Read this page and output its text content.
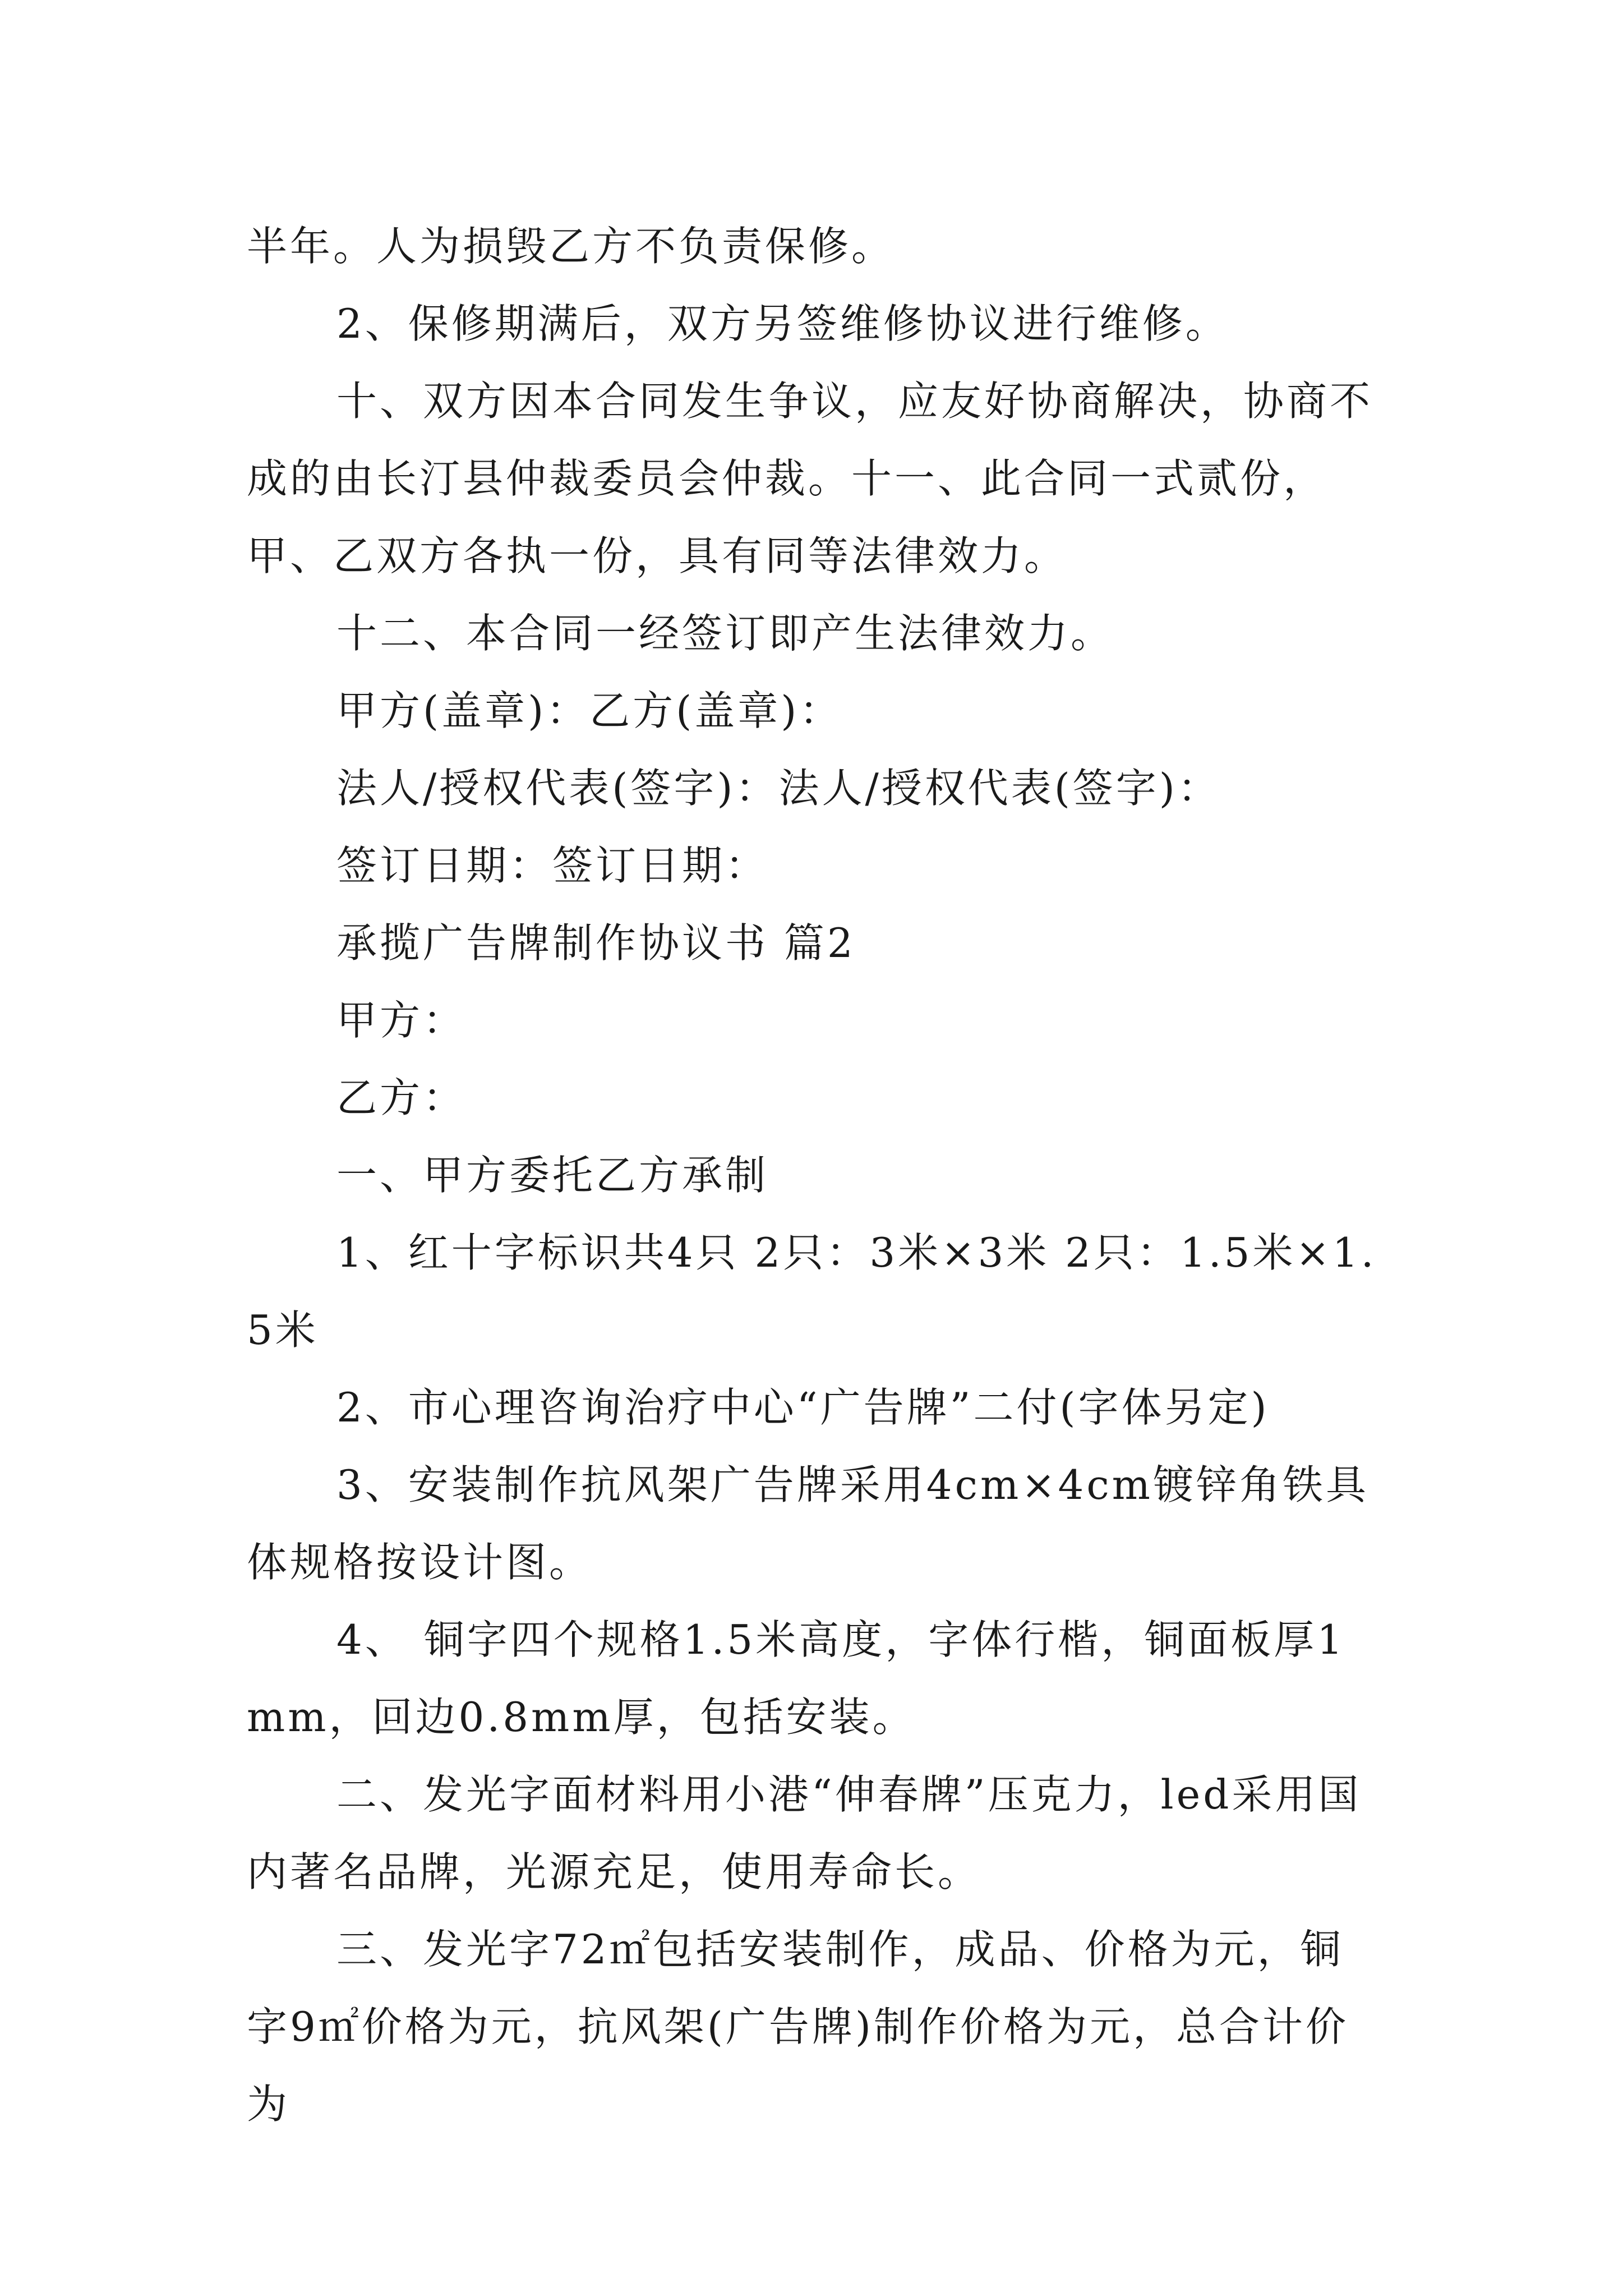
半年。人为损毁乙方不负责保修。

2、保修期满后，双方另签维修协议进行维修。

十、双方因本合同发生争议，应友好协商解决，协商不成的由长汀县仲裁委员会仲裁。十一、此合同一式贰份，甲、乙双方各执一份，具有同等法律效力。

十二、本合同一经签订即产生法律效力。

甲方(盖章)：乙方(盖章)：

法人/授权代表(签字)：法人/授权代表(签字)：

签订日期：签订日期：

承揽广告牌制作协议书 篇2

甲方：

乙方：

一、甲方委托乙方承制

1、红十字标识共4只 2只：3米×3米 2只：1.5米×1.5米

2、市心理咨询治疗中心“广告牌”二付(字体另定)

3、安装制作抗风架广告牌采用4cm×4cm镀锌角铁具体规格按设计图。

4、 铜字四个规格1.5米高度，字体行楷，铜面板厚1mm，回边0.8mm厚，包括安装。

二、发光字面材料用小港“伸春牌”压克力，led采用国内著名品牌，光源充足，使用寿命长。

三、发光字72㎡包括安装制作，成品、价格为元，铜字9㎡价格为元，抗风架(广告牌)制作价格为元，总合计价为
